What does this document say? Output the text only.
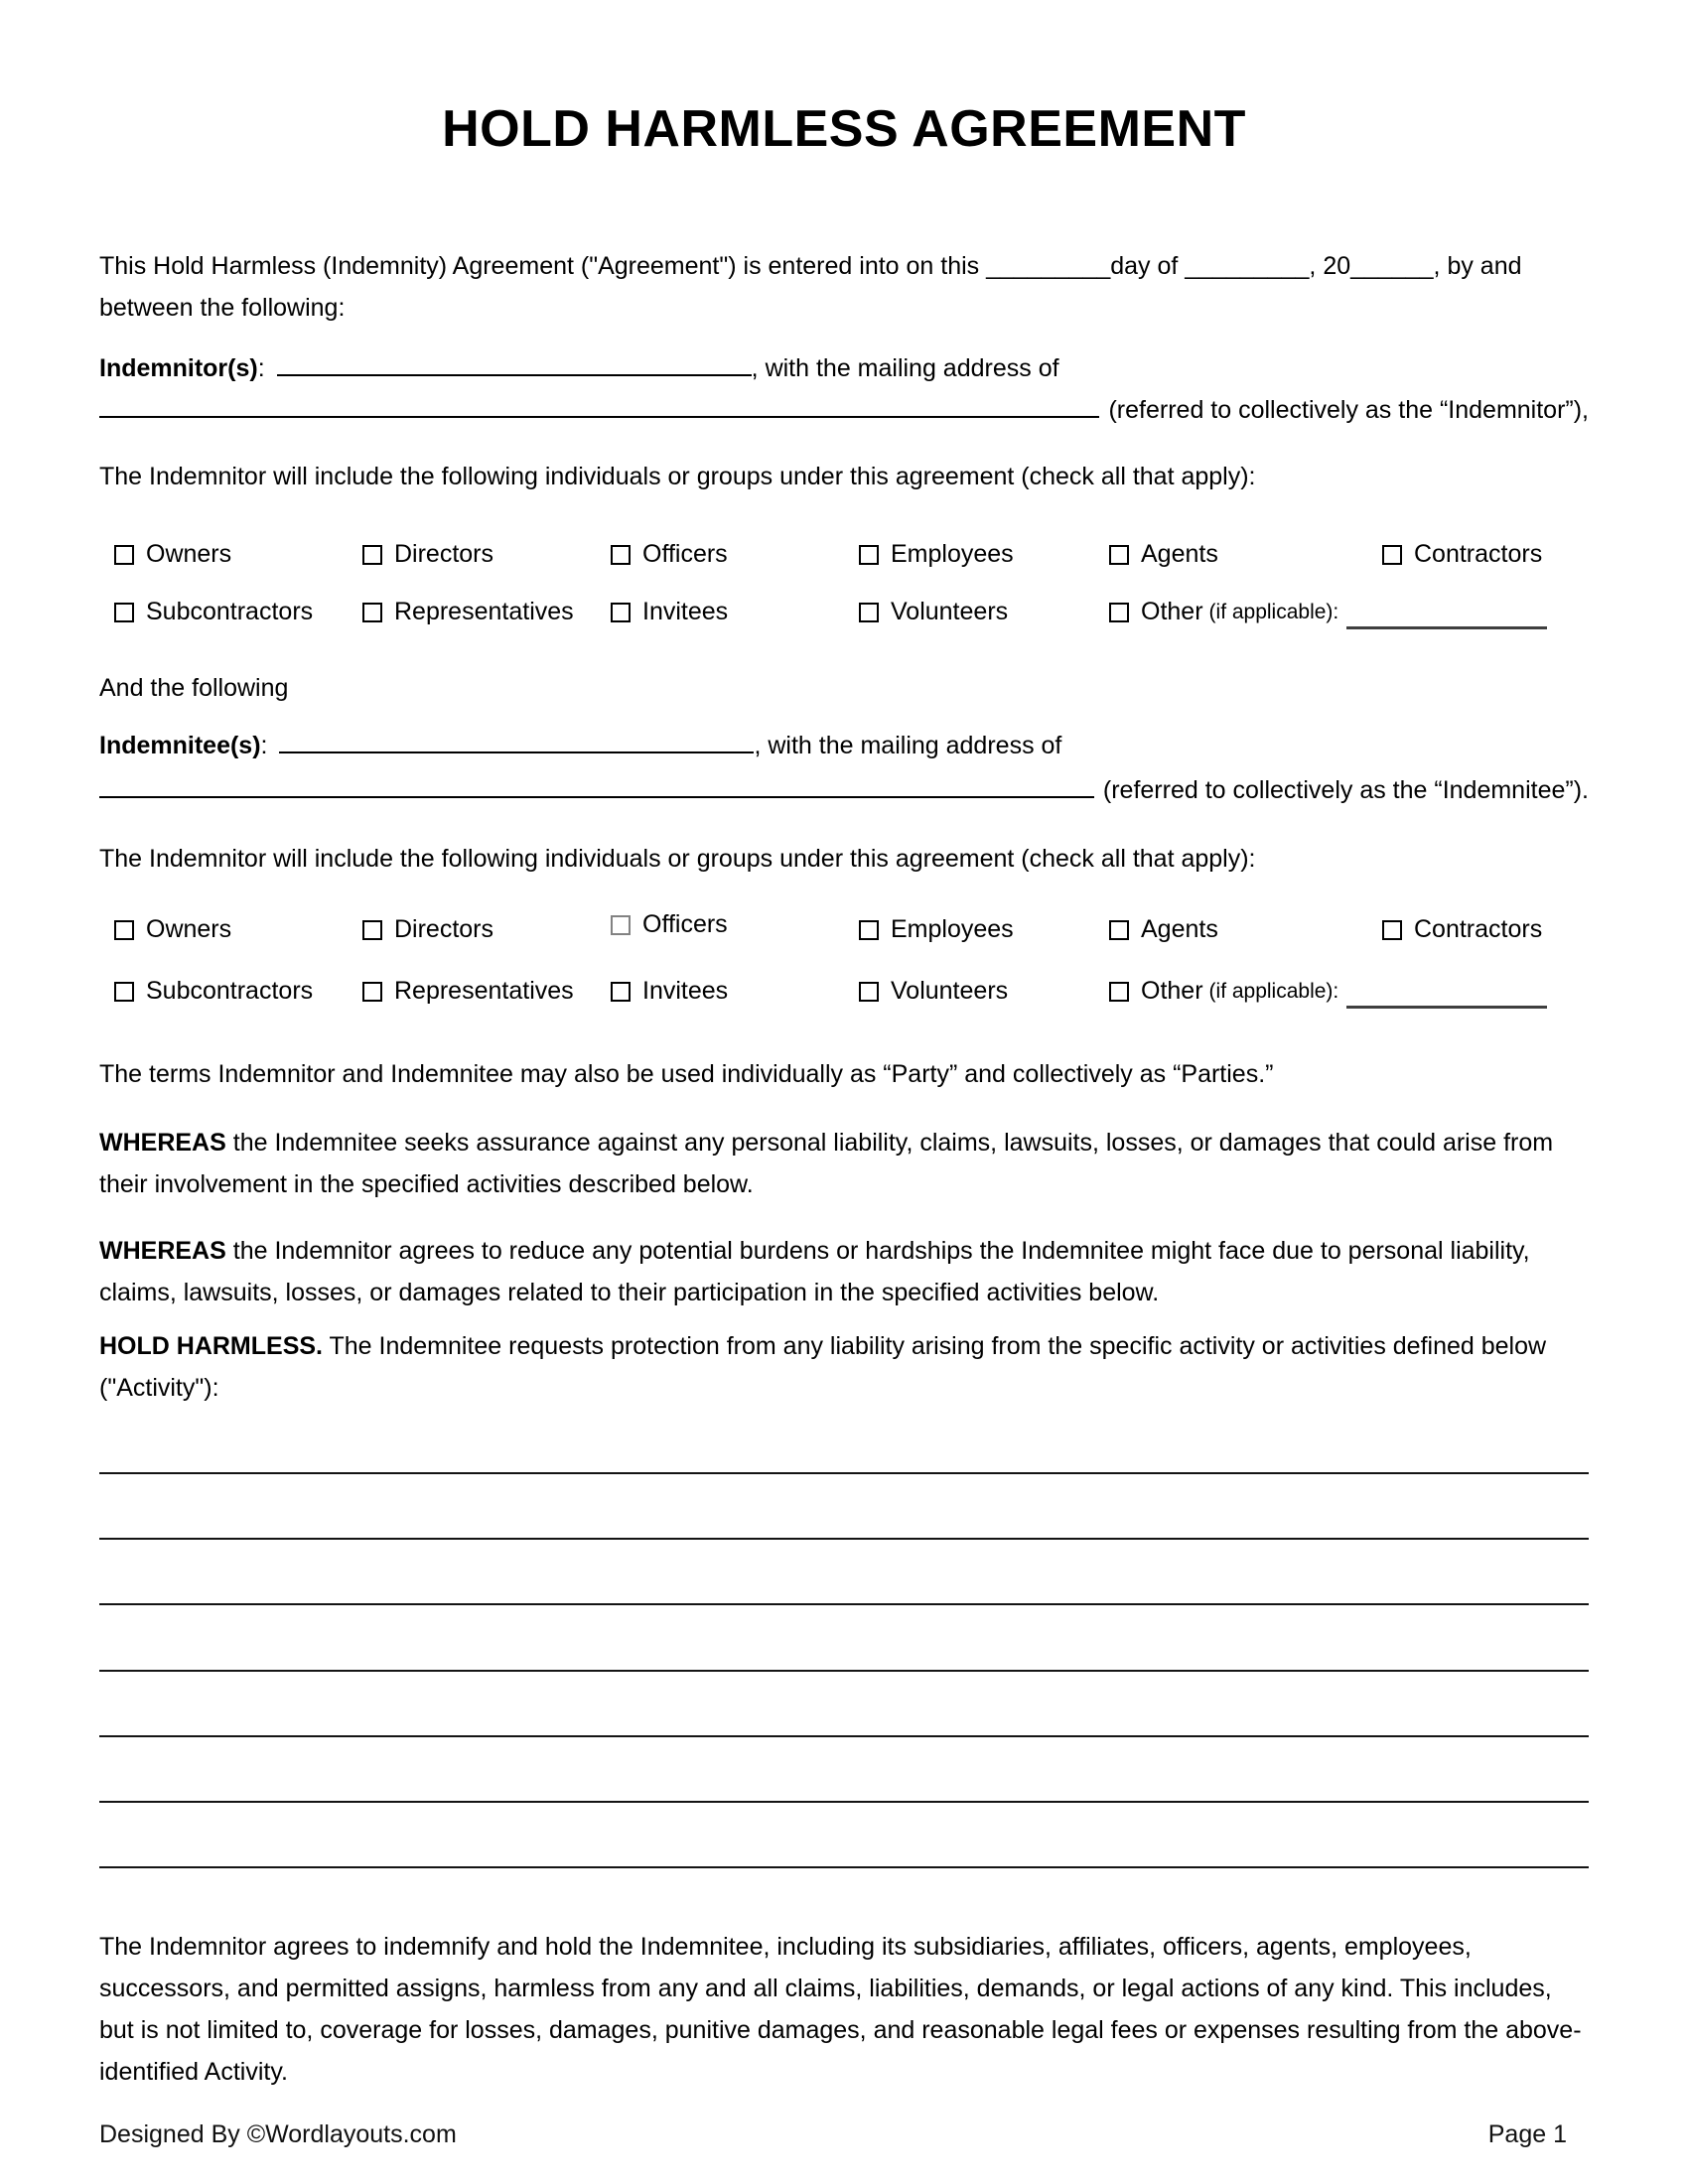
HOLD HARMLESS AGREEMENT
This Hold Harmless (Indemnity) Agreement ("Agreement") is entered into on this _________day of _________, 20______, by and between the following:
Indemnitor(s) :	, with the mailing address of
(referred to collectively as the “Indemnitor”),
The Indemnitor will include the following individuals or groups under this agreement (check all that apply):
Owners	Directors	Officers	Employees	Agents	Contractors
Subcontractors	Representatives	Invitees	Volunteers	Other (if applicable):
And the following
Indemnitee(s) :	, with the mailing address of
(referred to collectively as the “Indemnitee”).
The Indemnitor will include the following individuals or groups under this agreement (check all that apply):
Owners	Directors	Officers	Employees	Agents	Contractors
Subcontractors	Representatives	Invitees	Volunteers	Other (if applicable):
The terms Indemnitor and Indemnitee may also be used individually as “Party” and collectively as “Parties.”
WHEREAS the Indemnitee seeks assurance against any personal liability, claims, lawsuits, losses, or damages that could arise from their involvement in the specified activities described below.
WHEREAS the Indemnitor agrees to reduce any potential burdens or hardships the Indemnitee might face due to personal liability, claims, lawsuits, losses, or damages related to their participation in the specified activities below.
HOLD HARMLESS. The Indemnitee requests protection from any liability arising from the specific activity or activities defined below ("Activity"):
The Indemnitor agrees to indemnify and hold the Indemnitee, including its subsidiaries, affiliates, officers, agents, employees, successors, and permitted assigns, harmless from any and all claims, liabilities, demands, or legal actions of any kind. This includes, but is not limited to, coverage for losses, damages, punitive damages, and reasonable legal fees or expenses resulting from the above-identified Activity.
Designed By ©Wordlayouts.com	Page 1
